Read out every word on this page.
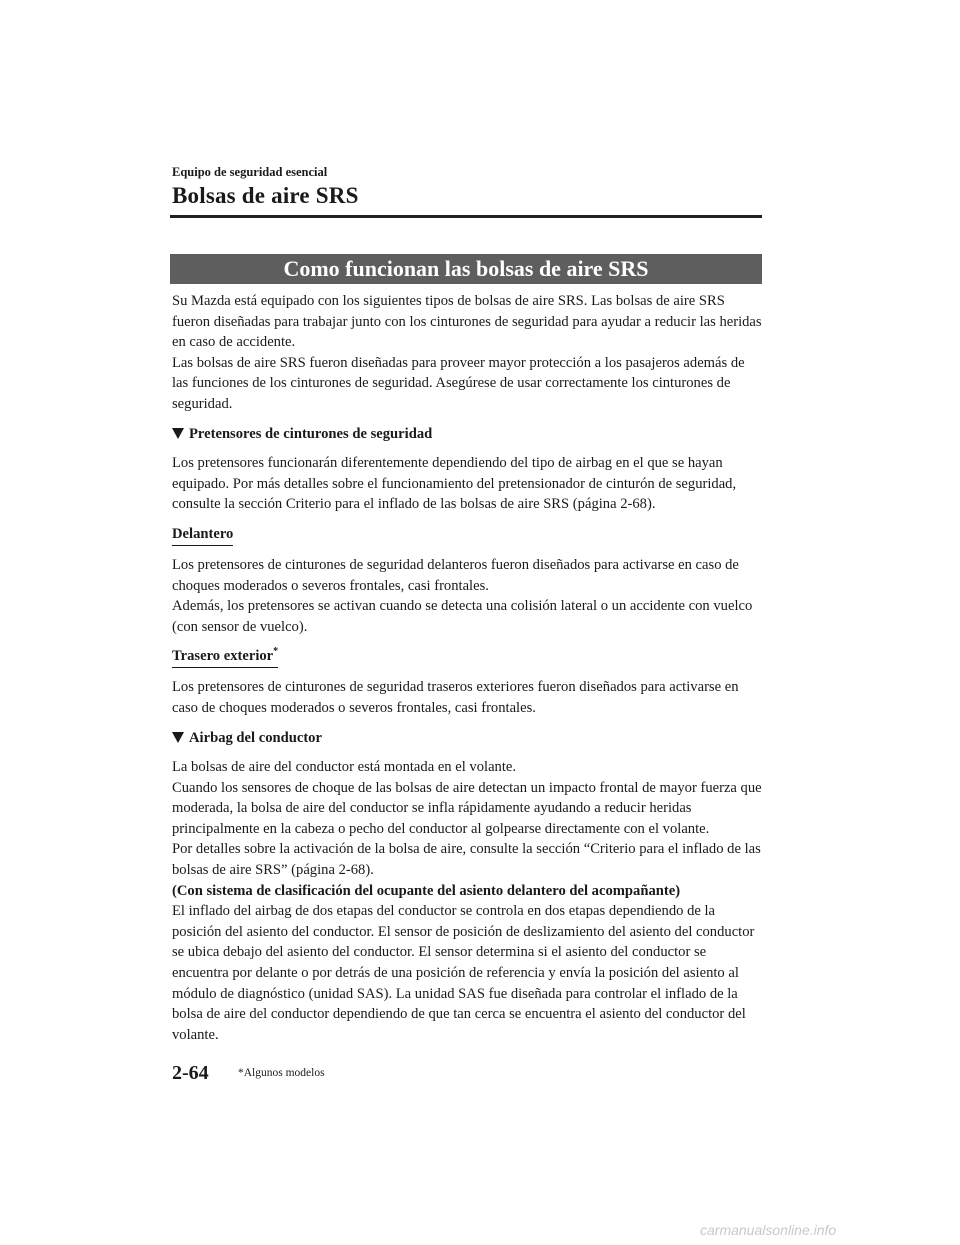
Equipo de seguridad esencial
Bolsas de aire SRS
Como funcionan las bolsas de aire SRS

Su Mazda está equipado con los siguientes tipos de bolsas de aire SRS. Las bolsas de aire SRS fueron diseñadas para trabajar junto con los cinturones de seguridad para ayudar a reducir las heridas en caso de accidente.

Las bolsas de aire SRS fueron diseñadas para proveer mayor protección a los pasajeros además de las funciones de los cinturones de seguridad. Asegúrese de usar correctamente los cinturones de seguridad.

Pretensores de cinturones de seguridad

Los pretensores funcionarán diferentemente dependiendo del tipo de airbag en el que se hayan equipado. Por más detalles sobre el funcionamiento del pretensionador de cinturón de seguridad, consulte la sección Criterio para el inflado de las bolsas de aire SRS (página 2-68).

Delantero

Los pretensores de cinturones de seguridad delanteros fueron diseñados para activarse en caso de choques moderados o severos frontales, casi frontales.

Además, los pretensores se activan cuando se detecta una colisión lateral o un accidente con vuelco (con sensor de vuelco).

Trasero exterior*

Los pretensores de cinturones de seguridad traseros exteriores fueron diseñados para activarse en caso de choques moderados o severos frontales, casi frontales.

Airbag del conductor

La bolsas de aire del conductor está montada en el volante.

Cuando los sensores de choque de las bolsas de aire detectan un impacto frontal de mayor fuerza que moderada, la bolsa de aire del conductor se infla rápidamente ayudando a reducir heridas principalmente en la cabeza o pecho del conductor al golpearse directamente con el volante.

Por detalles sobre la activación de la bolsa de aire, consulte la sección “Criterio para el inflado de las bolsas de aire SRS” (página 2-68).

(Con sistema de clasificación del ocupante del asiento delantero del acompañante)

El inflado del airbag de dos etapas del conductor se controla en dos etapas dependiendo de la posición del asiento del conductor. El sensor de posición de deslizamiento del asiento del conductor se ubica debajo del asiento del conductor. El sensor determina si el asiento del conductor se encuentra por delante o por detrás de una posición de referencia y envía la posición del asiento al módulo de diagnóstico (unidad SAS). La unidad SAS fue diseñada para controlar el inflado de la bolsa de aire del conductor dependiendo de que tan cerca se encuentra el asiento del conductor del volante.

2-64	*Algunos modelos
carmanualsonline.info
